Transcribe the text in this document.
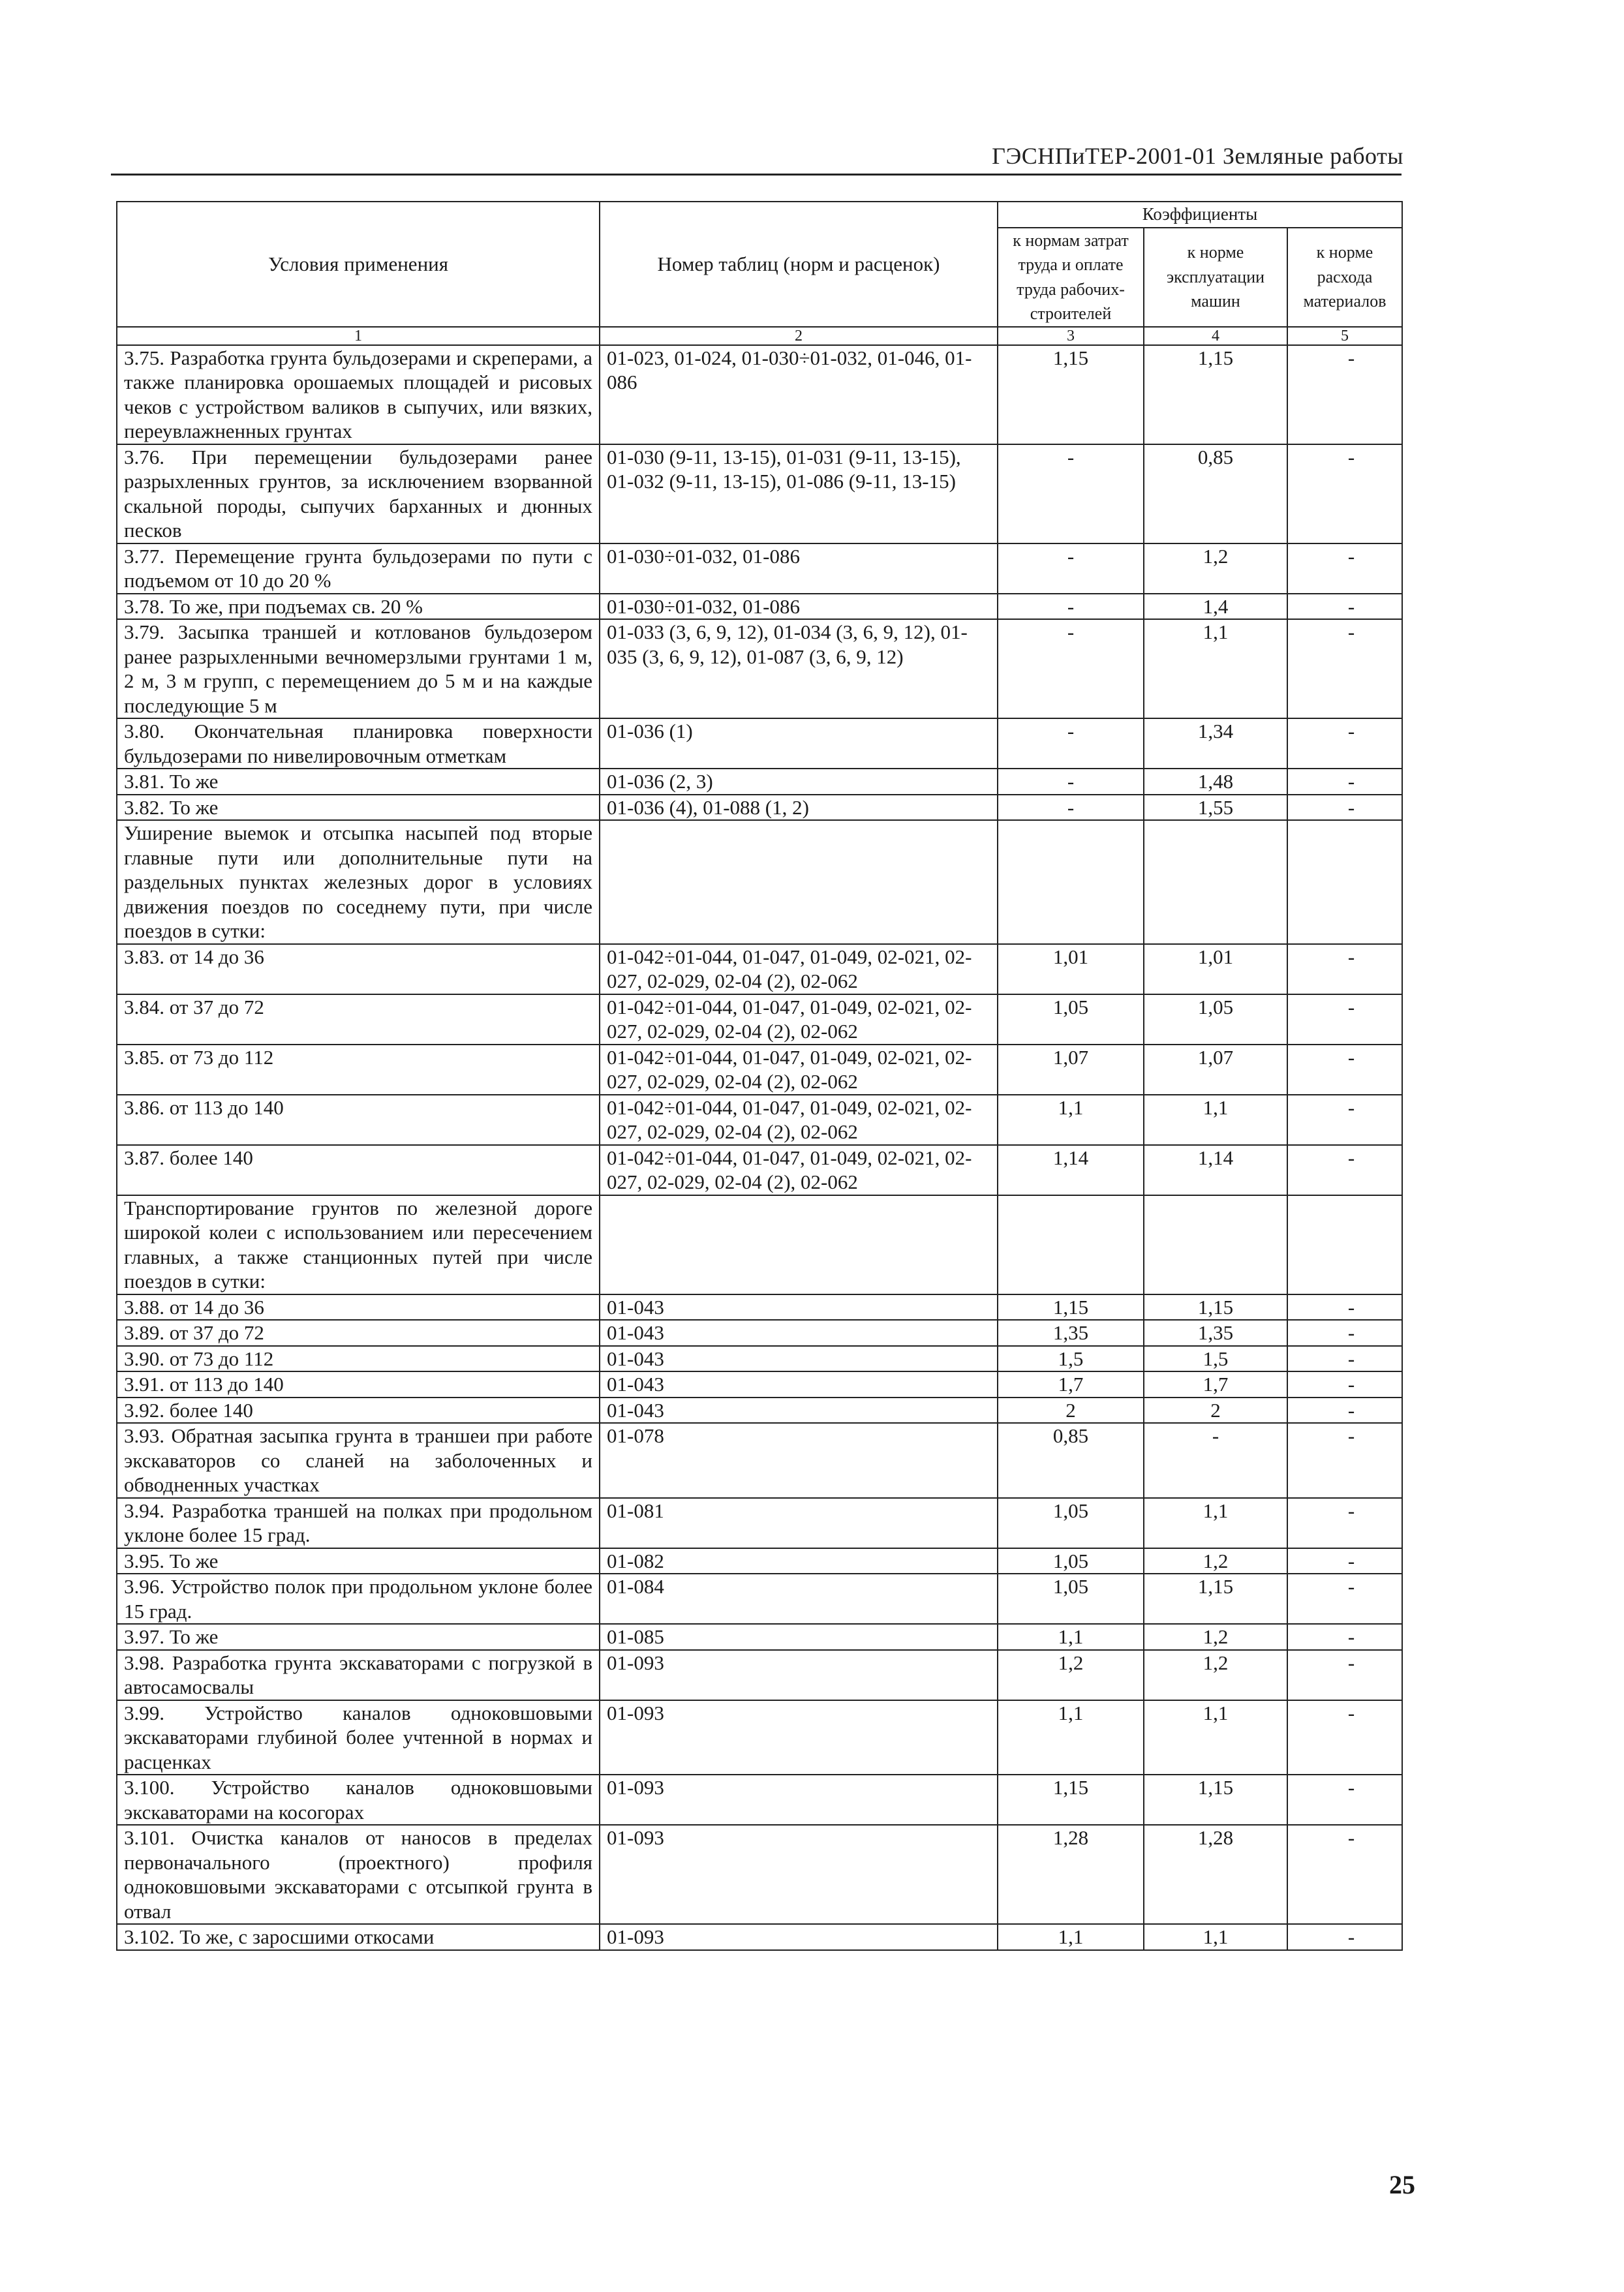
ГЭСНПиТЕР-2001-01 Земляные работы
Условия применения	Номер таблиц (норм и расценок)	Коэффициенты		
		к нормам затрат труда и оплате труда рабочих-строителей	к норме эксплуатации машин	к норме расхода материалов
1	2	3	4	5
3.75. Разработка грунта бульдозерами и скреперами, а также планировка орошаемых площадей и рисовых чеков с устройством валиков в сыпучих, или вязких, переувлажненных грунтах	01-023, 01-024, 01-030÷01-032, 01-046, 01-086	1,15	1,15	-
3.76. При перемещении бульдозерами ранее разрыхленных грунтов, за исключением взорванной скальной породы, сыпучих барханных и дюнных песков	01-030 (9-11, 13-15), 01-031 (9-11, 13-15), 01-032 (9-11, 13-15), 01-086 (9-11, 13-15)	-	0,85	-
3.77. Перемещение грунта бульдозерами по пути с подъемом от 10 до 20 %	01-030÷01-032, 01-086	-	1,2	-
3.78. То же, при подъемах св. 20 %	01-030÷01-032, 01-086	-	1,4	-
3.79. Засыпка траншей и котлованов бульдозером ранее разрыхленными вечномерзлыми грунтами 1 м, 2 м, 3 м групп, с перемещением до 5 м и на каждые последующие 5 м	01-033 (3, 6, 9, 12), 01-034 (3, 6, 9, 12), 01-035 (3, 6, 9, 12), 01-087 (3, 6, 9, 12)	-	1,1	-
3.80. Окончательная планировка поверхности бульдозерами по нивелировочным отметкам	01-036 (1)	-	1,34	-
3.81. То же	01-036 (2, 3)	-	1,48	-
3.82. То же	01-036 (4), 01-088 (1, 2)	-	1,55	-
Уширение выемок и отсыпка насыпей под вторые главные пути или дополнительные пути на раздельных пунктах железных дорог в условиях движения поездов по соседнему пути, при числе поездов в сутки:				
3.83. от 14 до 36	01-042÷01-044, 01-047, 01-049, 02-021, 02-027, 02-029, 02-04 (2), 02-062	1,01	1,01	-
3.84. от 37 до 72	01-042÷01-044, 01-047, 01-049, 02-021, 02-027, 02-029, 02-04 (2), 02-062	1,05	1,05	-
3.85. от 73 до 112	01-042÷01-044, 01-047, 01-049, 02-021, 02-027, 02-029, 02-04 (2), 02-062	1,07	1,07	-
3.86. от 113 до 140	01-042÷01-044, 01-047, 01-049, 02-021, 02-027, 02-029, 02-04 (2), 02-062	1,1	1,1	-
3.87. более 140	01-042÷01-044, 01-047, 01-049, 02-021, 02-027, 02-029, 02-04 (2), 02-062	1,14	1,14	-
Транспортирование грунтов по железной дороге широкой колеи с использованием или пересечением главных, а также станционных путей при числе поездов в сутки:				
3.88. от 14 до 36	01-043	1,15	1,15	-
3.89. от 37 до 72	01-043	1,35	1,35	-
3.90. от 73 до 112	01-043	1,5	1,5	-
3.91. от 113 до 140	01-043	1,7	1,7	-
3.92. более 140	01-043	2	2	-
3.93. Обратная засыпка грунта в траншеи при работе экскаваторов со сланей на заболоченных и обводненных участках	01-078	0,85	-	-
3.94. Разработка траншей на полках при продольном уклоне более 15 град.	01-081	1,05	1,1	-
3.95. То же	01-082	1,05	1,2	-
3.96. Устройство полок при продольном уклоне более 15 град.	01-084	1,05	1,15	-
3.97. То же	01-085	1,1	1,2	-
3.98. Разработка грунта экскаваторами с погрузкой в автосамосвалы	01-093	1,2	1,2	-
3.99. Устройство каналов одноковшовыми экскаваторами глубиной более учтенной в нормах и расценках	01-093	1,1	1,1	-
3.100. Устройство каналов одноковшовыми экскаваторами на косогорах	01-093	1,15	1,15	-
3.101. Очистка каналов от наносов в пределах первоначального (проектного) профиля одноковшовыми экскаваторами с отсыпкой грунта в отвал	01-093	1,28	1,28	-
3.102. То же, с заросшими откосами	01-093	1,1	1,1	-
25
